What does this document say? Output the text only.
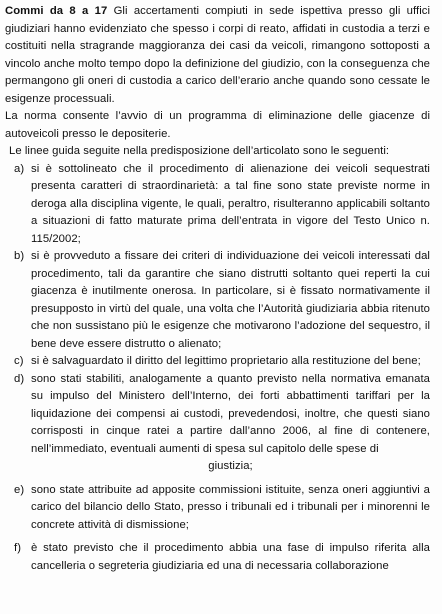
Commi da 8 a 17 Gli accertamenti compiuti in sede ispettiva presso gli uffici giudiziari hanno evidenziato che spesso i corpi di reato, affidati in custodia a terzi e costituiti nella stragrande maggioranza dei casi da veicoli, rimangono sottoposti a vincolo anche molto tempo dopo la definizione del giudizio, con la conseguenza che permangono gli oneri di custodia a carico dell’erario anche quando sono cessate le esigenze processuali.

La norma consente l’avvio di un programma di eliminazione delle giacenze di autoveicoli presso le depositerie.

Le linee guida seguite nella predisposizione dell’articolato sono le seguenti:

a) si è sottolineato che il procedimento di alienazione dei veicoli sequestrati presenta caratteri di straordinarietà: a tal fine sono state previste norme in deroga alla disciplina vigente, le quali, peraltro, risulteranno applicabili soltanto a situazioni di fatto maturate prima dell’entrata in vigore del Testo Unico n. 115/2002;
b) si è provveduto a fissare dei criteri di individuazione dei veicoli interessati dal procedimento, tali da garantire che siano distrutti soltanto quei reperti la cui giacenza è inutilmente onerosa. In particolare, si è fissato normativamente il presupposto in virtù del quale, una volta che l’Autorità giudiziaria abbia ritenuto che non sussistano più le esigenze che motivarono l’adozione del sequestro, il bene deve essere distrutto o alienato;
c) si è salvaguardato il diritto del legittimo proprietario alla restituzione del bene;
d) sono stati stabiliti, analogamente a quanto previsto nella normativa emanata su impulso del Ministero dell’Interno, dei forti abbattimenti tariffari per la liquidazione dei compensi ai custodi, prevedendosi, inoltre, che questi siano corrisposti in cinque ratei a partire dall’anno 2006, al fine di contenere, nell’immediato, eventuali aumenti di spesa sul capitolo delle spese di
giustizia;
e) sono state attribuite ad apposite commissioni istituite, senza oneri aggiuntivi a carico del bilancio dello Stato, presso i tribunali ed i tribunali per i minorenni le concrete attività di dismissione;
f) è stato previsto che il procedimento abbia una fase di impulso riferita alla cancelleria o segreteria giudiziaria ed una di necessaria collaborazione
